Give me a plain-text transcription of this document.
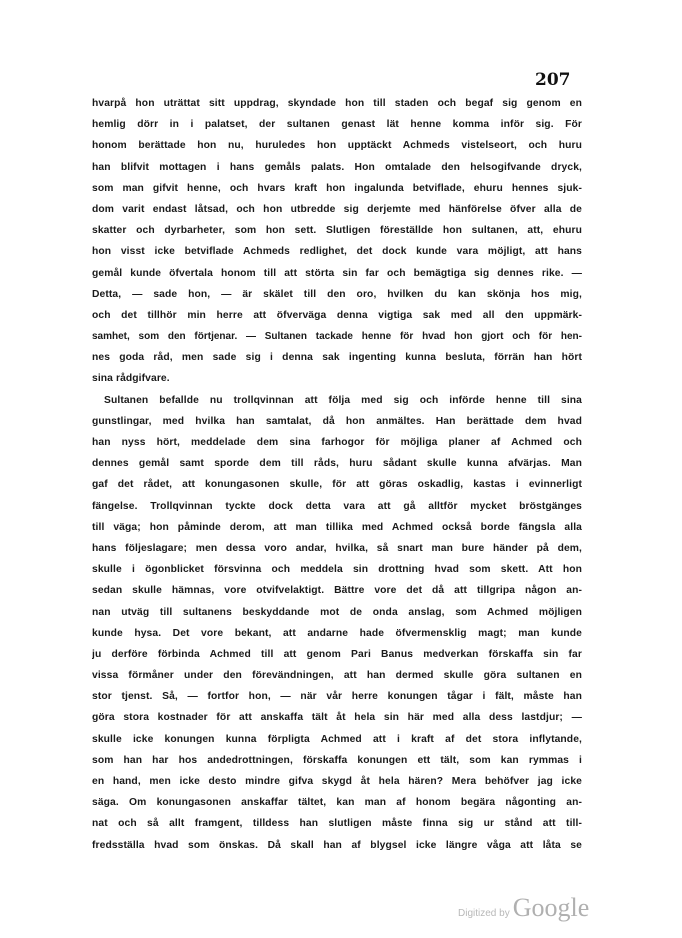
207
hvarpå hon uträttat sitt uppdrag, skyndade hon till staden och begaf sig genom en
hemlig dörr in i palatset, der sultanen genast lät henne komma inför sig. För
honom berättade hon nu, huruledes hon upptäckt Achmeds vistelseort, och huru
han blifvit mottagen i hans gemåls palats. Hon omtalade den helsogifvande dryck,
som man gifvit henne, och hvars kraft hon ingalunda betviflade, ehuru hennes sjuk-
dom varit endast låtsad, och hon utbredde sig derjemte med hänförelse öfver alla de
skatter och dyrbarheter, som hon sett. Slutligen föreställde hon sultanen, att, ehuru
hon visst icke betviflade Achmeds redlighet, det dock kunde vara möjligt, att hans
gemål kunde öfvertala honom till att störta sin far och bemägtiga sig dennes rike. —
Detta, — sade hon, — är skälet till den oro, hvilken du kan skönja hos mig,
och det tillhör min herre att öfverväga denna vigtiga sak med all den uppmärk-
samhet, som den förtjenar. — Sultanen tackade henne för hvad hon gjort och för hen-
nes goda råd, men sade sig i denna sak ingenting kunna besluta, förrän han hört
sina rådgifvare.
Sultanen befallde nu trollqvinnan att följa med sig och införde henne till sina
gunstlingar, med hvilka han samtalat, då hon anmältes. Han berättade dem hvad
han nyss hört, meddelade dem sina farhogor för möjliga planer af Achmed och
dennes gemål samt sporde dem till råds, huru sådant skulle kunna afvärjas. Man
gaf det rådet, att konungasonen skulle, för att göras oskadlig, kastas i evinnerligt
fängelse. Trollqvinnan tyckte dock detta vara att gå alltför mycket bröstgänges
till väga; hon påminde derom, att man tillika med Achmed också borde fängsla alla
hans följeslagare; men dessa voro andar, hvilka, så snart man bure händer på dem,
skulle i ögonblicket försvinna och meddela sin drottning hvad som skett. Att hon
sedan skulle hämnas, vore otvifvelaktigt. Bättre vore det då att tillgripa någon an-
nan utväg till sultanens beskyddande mot de onda anslag, som Achmed möjligen
kunde hysa. Det vore bekant, att andarne hade öfvermensklig magt; man kunde
ju derföre förbinda Achmed till att genom Pari Banus medverkan förskaffa sin far
vissa förmåner under den förevändningen, att han dermed skulle göra sultanen en
stor tjenst. Så, — fortfor hon, — när vår herre konungen tågar i fält, måste han
göra stora kostnader för att anskaffa tält åt hela sin här med alla dess lastdjur; —
skulle icke konungen kunna förpligta Achmed att i kraft af det stora inflytande,
som han har hos andedrottningen, förskaffa konungen ett tält, som kan rymmas i
en hand, men icke desto mindre gifva skygd åt hela hären? Mera behöfver jag icke
säga. Om konungasonen anskaffar tältet, kan man af honom begära någonting an-
nat och så allt framgent, tilldess han slutligen måste finna sig ur stånd att till-
fredsställa hvad som önskas. Då skall han af blygsel icke längre våga att låta se
Digitized by Google
